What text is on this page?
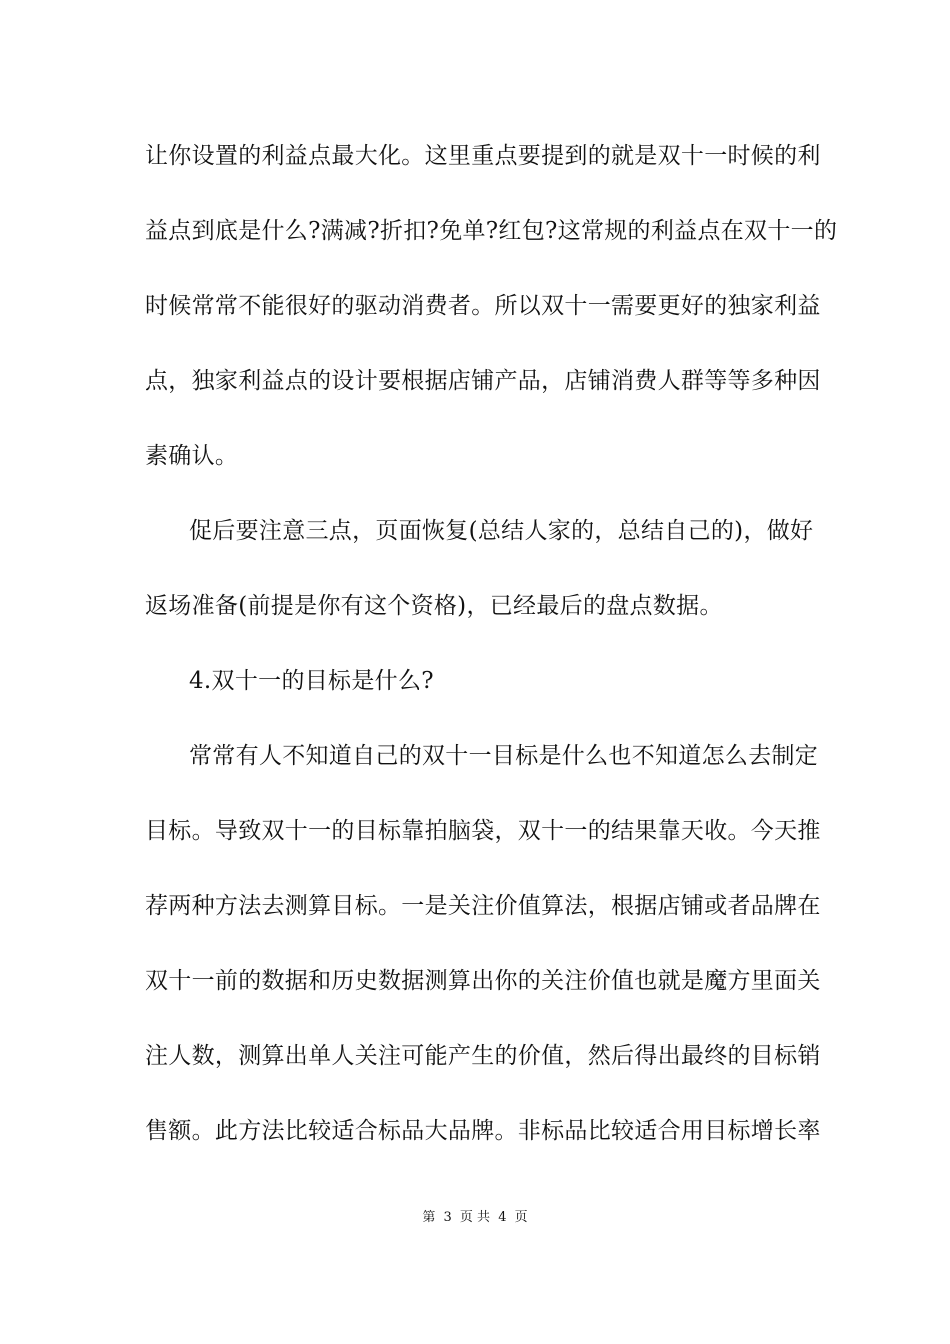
让你设置的利益点最大化。这里重点要提到的就是双十一时候的利
益点到底是什么?满减?折扣?免单?红包?这常规的利益点在双十一的
时候常常不能很好的驱动消费者。所以双十一需要更好的独家利益
点，独家利益点的设计要根据店铺产品，店铺消费人群等等多种因
素确认。
促后要注意三点，页面恢复(总结人家的，总结自己的)，做好
返场准备(前提是你有这个资格)，已经最后的盘点数据。
4.双十一的目标是什么?
常常有人不知道自己的双十一目标是什么也不知道怎么去制定
目标。导致双十一的目标靠拍脑袋，双十一的结果靠天收。今天推
荐两种方法去测算目标。一是关注价值算法，根据店铺或者品牌在
双十一前的数据和历史数据测算出你的关注价值也就是魔方里面关
注人数，测算出单人关注可能产生的价值，然后得出最终的目标销
售额。此方法比较适合标品大品牌。非标品比较适合用目标增长率
第 3 页 共 4 页
